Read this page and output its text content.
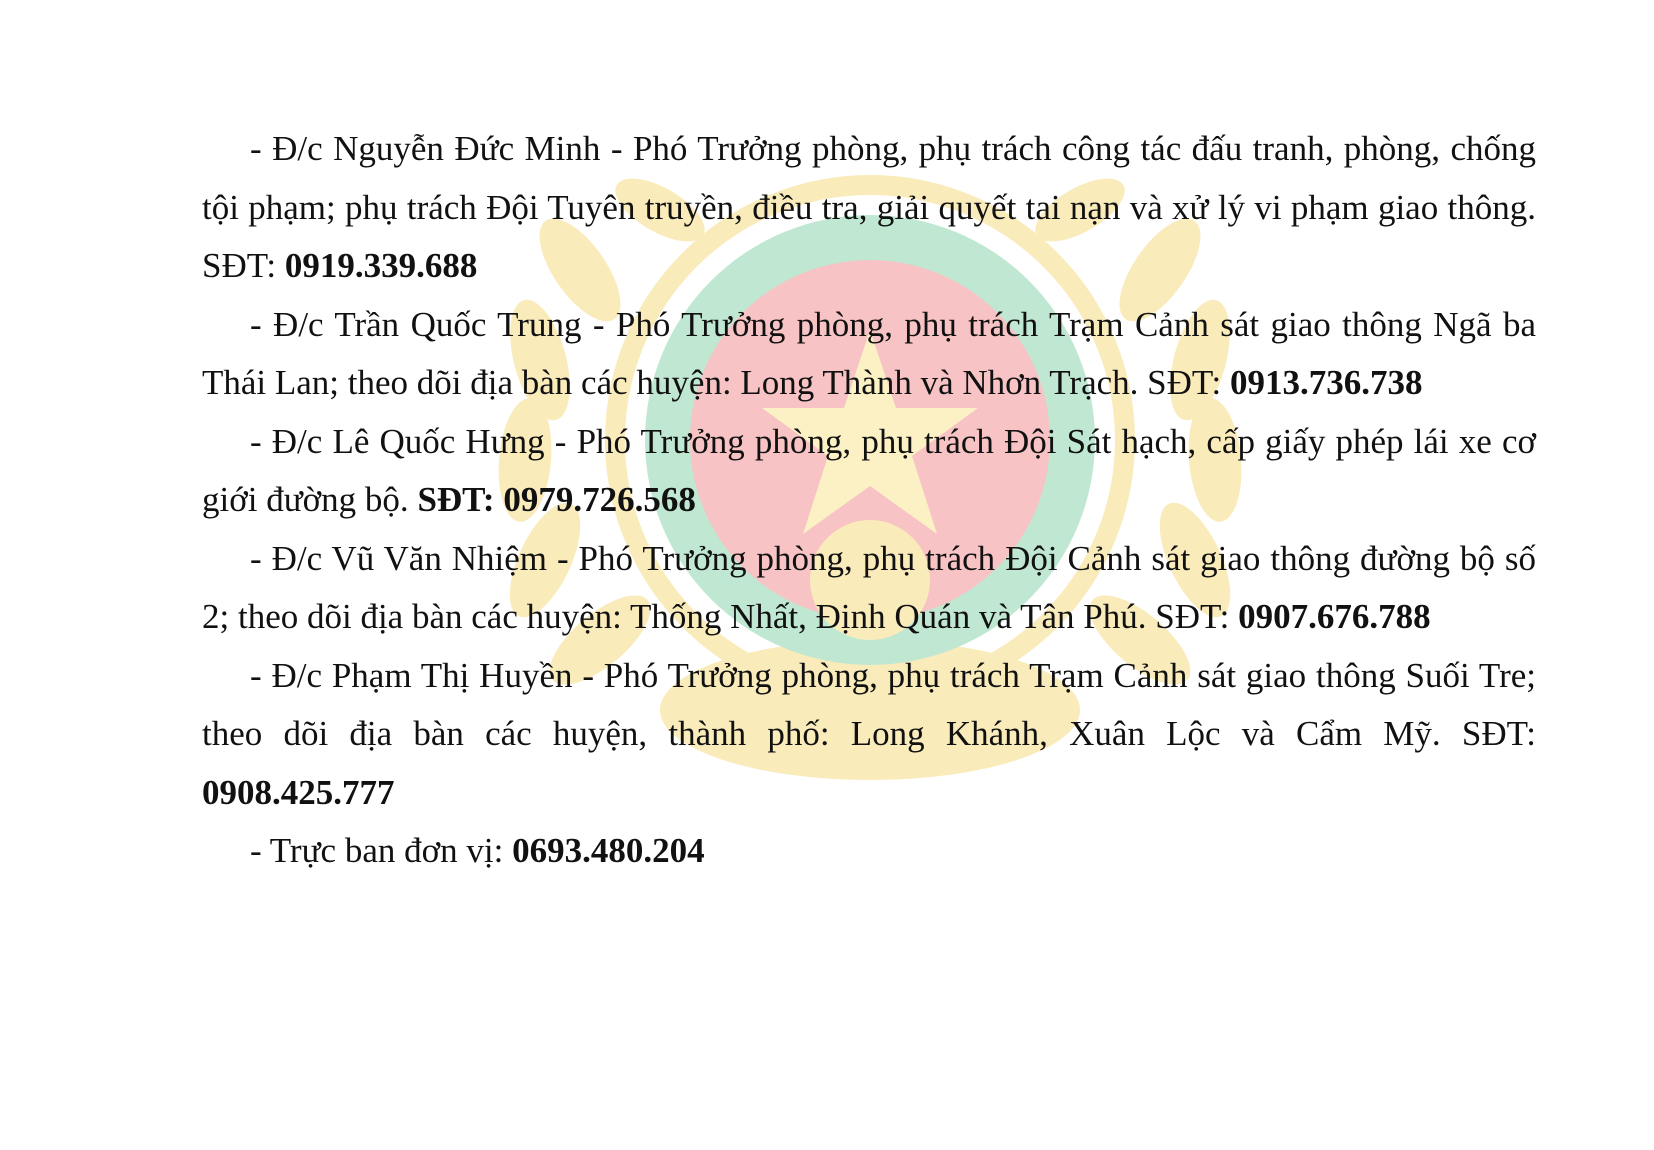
- Đ/c Nguyễn Đức Minh - Phó Trưởng phòng, phụ trách công tác đấu tranh, phòng, chống tội phạm; phụ trách Đội Tuyên truyền, điều tra, giải quyết tai nạn và xử lý vi phạm giao thông. SĐT: 0919.339.688

- Đ/c Trần Quốc Trung - Phó Trưởng phòng, phụ trách Trạm Cảnh sát giao thông Ngã ba Thái Lan; theo dõi địa bàn các huyện: Long Thành và Nhơn Trạch. SĐT: 0913.736.738

- Đ/c Lê Quốc Hưng - Phó Trưởng phòng, phụ trách Đội Sát hạch, cấp giấy phép lái xe cơ giới đường bộ. SĐT: 0979.726.568

- Đ/c Vũ Văn Nhiệm - Phó Trưởng phòng, phụ trách Đội Cảnh sát giao thông đường bộ số 2; theo dõi địa bàn các huyện: Thống Nhất, Định Quán và Tân Phú. SĐT: 0907.676.788

- Đ/c Phạm Thị Huyền - Phó Trưởng phòng, phụ trách Trạm Cảnh sát giao thông Suối Tre; theo dõi địa bàn các huyện, thành phố: Long Khánh, Xuân Lộc và Cẩm Mỹ. SĐT: 0908.425.777

- Trực ban đơn vị: 0693.480.204
